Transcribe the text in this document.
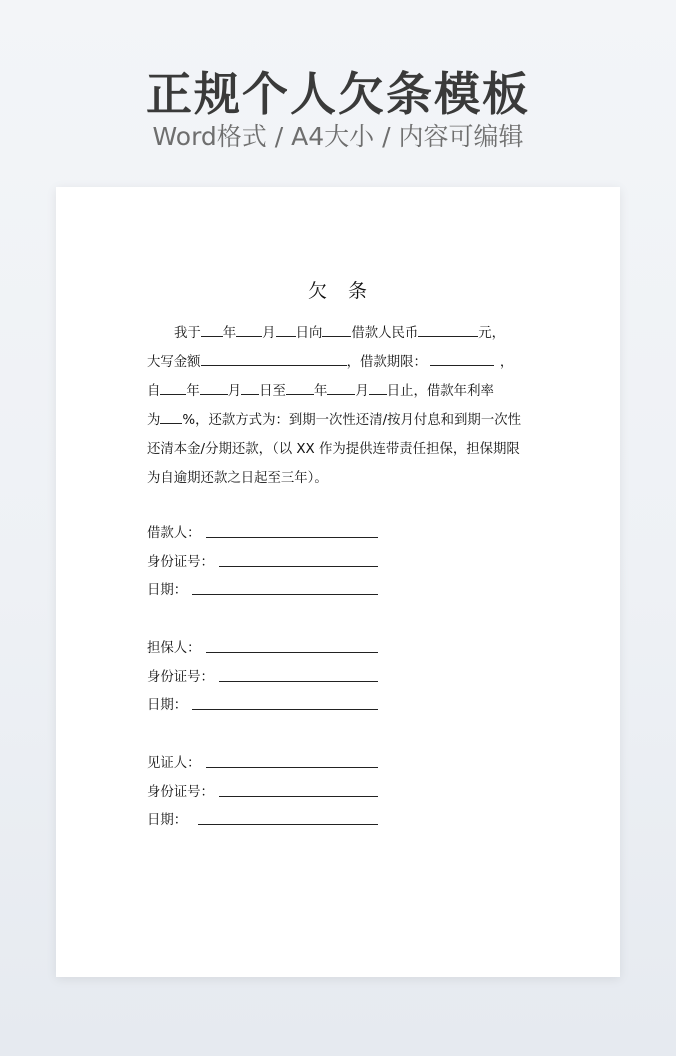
正规个人欠条模板
Word格式 / A4大小 / 内容可编辑
欠　条
我于 年 月 日向 借款人民币	元，
大写金额	，借款期限：	，
自 年 月 日至 年 月 日止，借款年利率
为 %，还款方式为：到期一次性还清/按月付息和到期一次性
还清本金/分期还款，（以 XX 作为提供连带责任担保，担保期限
为自逾期还款之日起至三年）。
借款人：
身份证号：
日期：
担保人：
身份证号：
日期：
见证人：
身份证号：
日期：
